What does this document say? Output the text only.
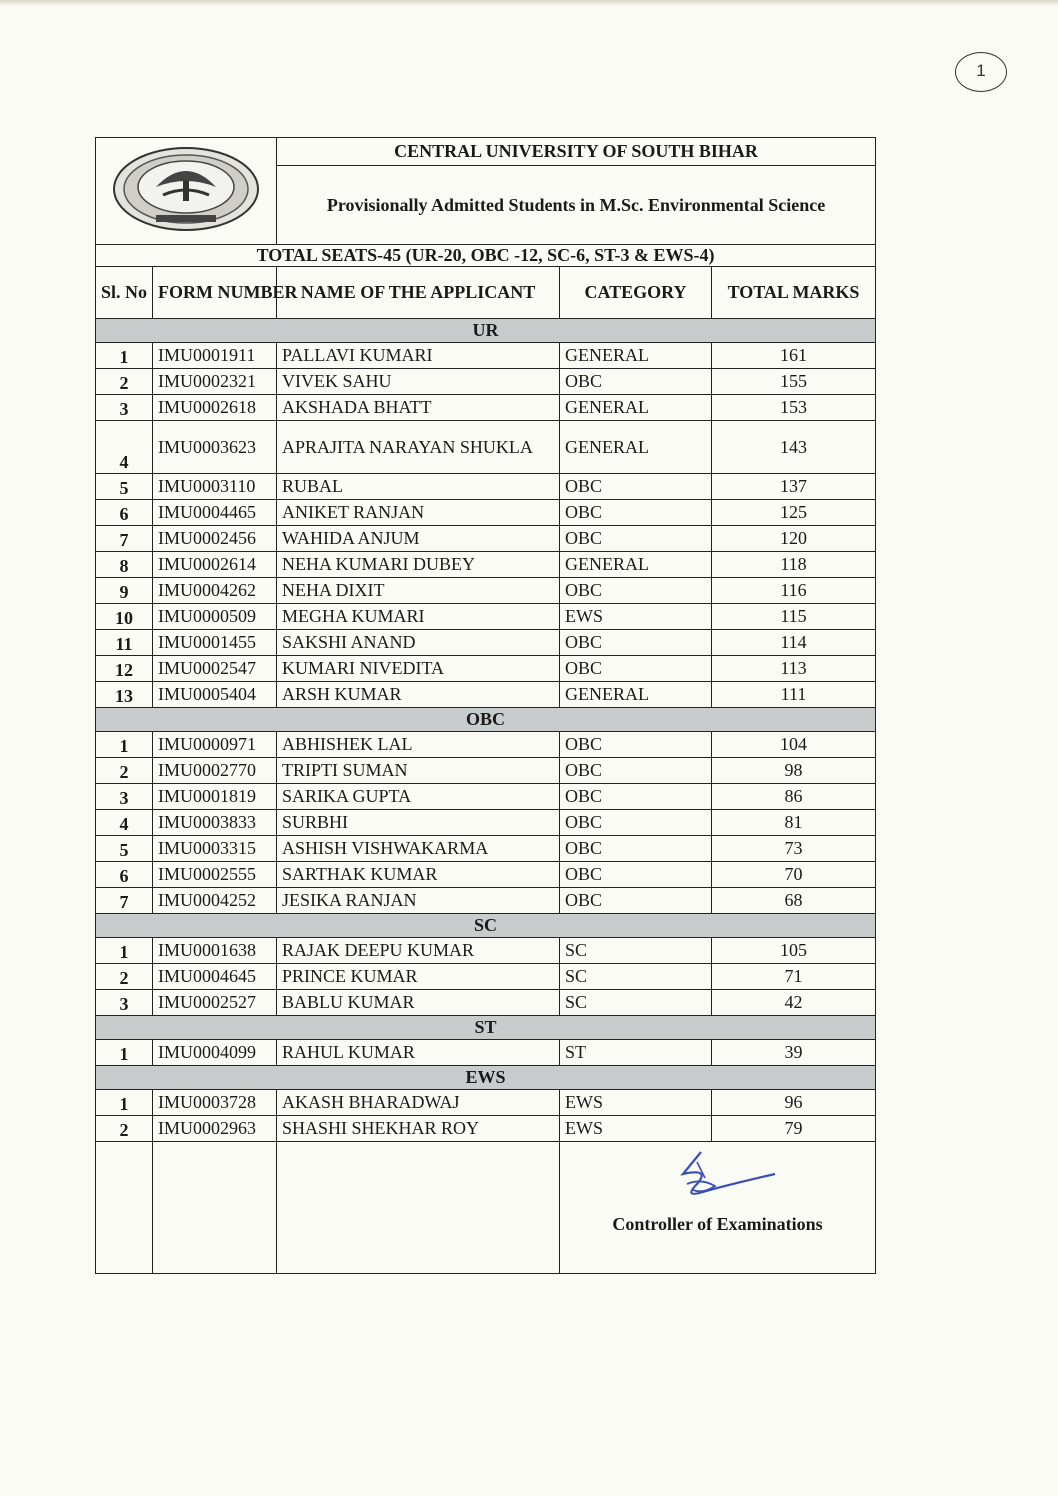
1
	CENTRAL UNIVERSITY OF SOUTH BIHAR		
		Provisionally Admitted Students in M.Sc. Environmental Science		
TOTAL SEATS-45 (UR-20, OBC -12, SC-6, ST-3 & EWS-4)				
Sl. No	FORM NUMBER	NAME OF THE APPLICANT	CATEGORY	TOTAL MARKS
UR				
1	IMU0001911	PALLAVI KUMARI	GENERAL	161
2	IMU0002321	VIVEK SAHU	OBC	155
3	IMU0002618	AKSHADA BHATT	GENERAL	153
4	IMU0003623	APRAJITA NARAYAN SHUKLA	GENERAL	143
5	IMU0003110	RUBAL	OBC	137
6	IMU0004465	ANIKET RANJAN	OBC	125
7	IMU0002456	WAHIDA ANJUM	OBC	120
8	IMU0002614	NEHA KUMARI DUBEY	GENERAL	118
9	IMU0004262	NEHA DIXIT	OBC	116
10	IMU0000509	MEGHA KUMARI	EWS	115
11	IMU0001455	SAKSHI ANAND	OBC	114
12	IMU0002547	KUMARI NIVEDITA	OBC	113
13	IMU0005404	ARSH KUMAR	GENERAL	111
OBC				
1	IMU0000971	ABHISHEK LAL	OBC	104
2	IMU0002770	TRIPTI SUMAN	OBC	98
3	IMU0001819	SARIKA GUPTA	OBC	86
4	IMU0003833	SURBHI	OBC	81
5	IMU0003315	ASHISH VISHWAKARMA	OBC	73
6	IMU0002555	SARTHAK KUMAR	OBC	70
7	IMU0004252	JESIKA RANJAN	OBC	68
SC				
1	IMU0001638	RAJAK DEEPU KUMAR	SC	105
2	IMU0004645	PRINCE KUMAR	SC	71
3	IMU0002527	BABLU KUMAR	SC	42
ST				
1	IMU0004099	RAHUL KUMAR	ST	39
EWS				
1	IMU0003728	AKASH BHARADWAJ	EWS	96
2	IMU0002963	SHASHI SHEKHAR ROY	EWS	79

			Controller of Examinations	
